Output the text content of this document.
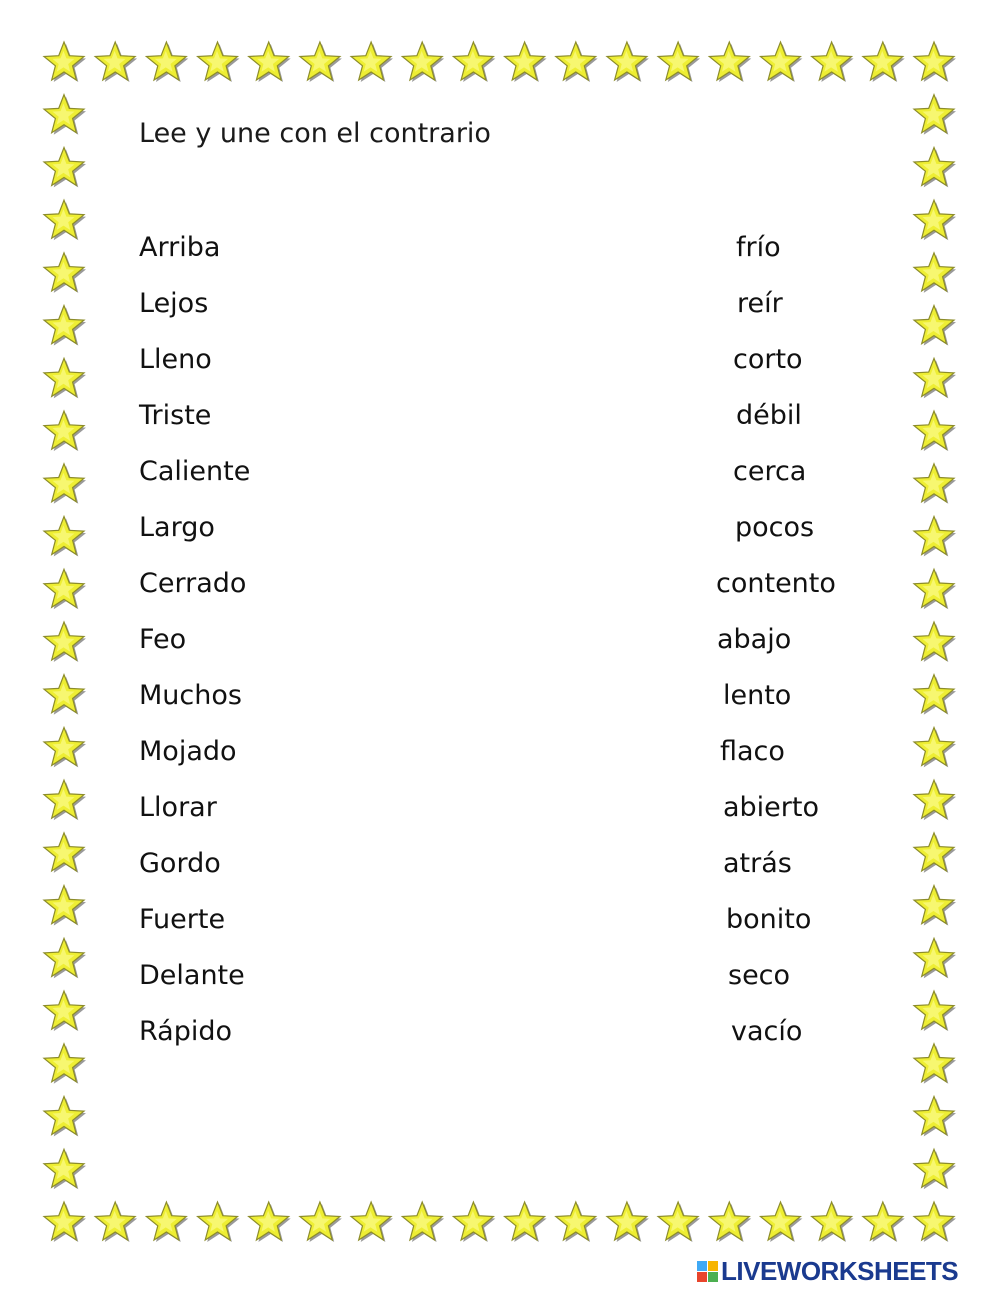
Lee y une con el contrario
Arriba
Lejos
Lleno
Triste
Caliente
Largo
Cerrado
Feo
Muchos
Mojado
Llorar
Gordo
Fuerte
Delante
Rápido
frío
reír
corto
débil
cerca
pocos
contento
abajo
lento
flaco
abierto
atrás
bonito
seco
vacío
LIVEWORKSHEETS
